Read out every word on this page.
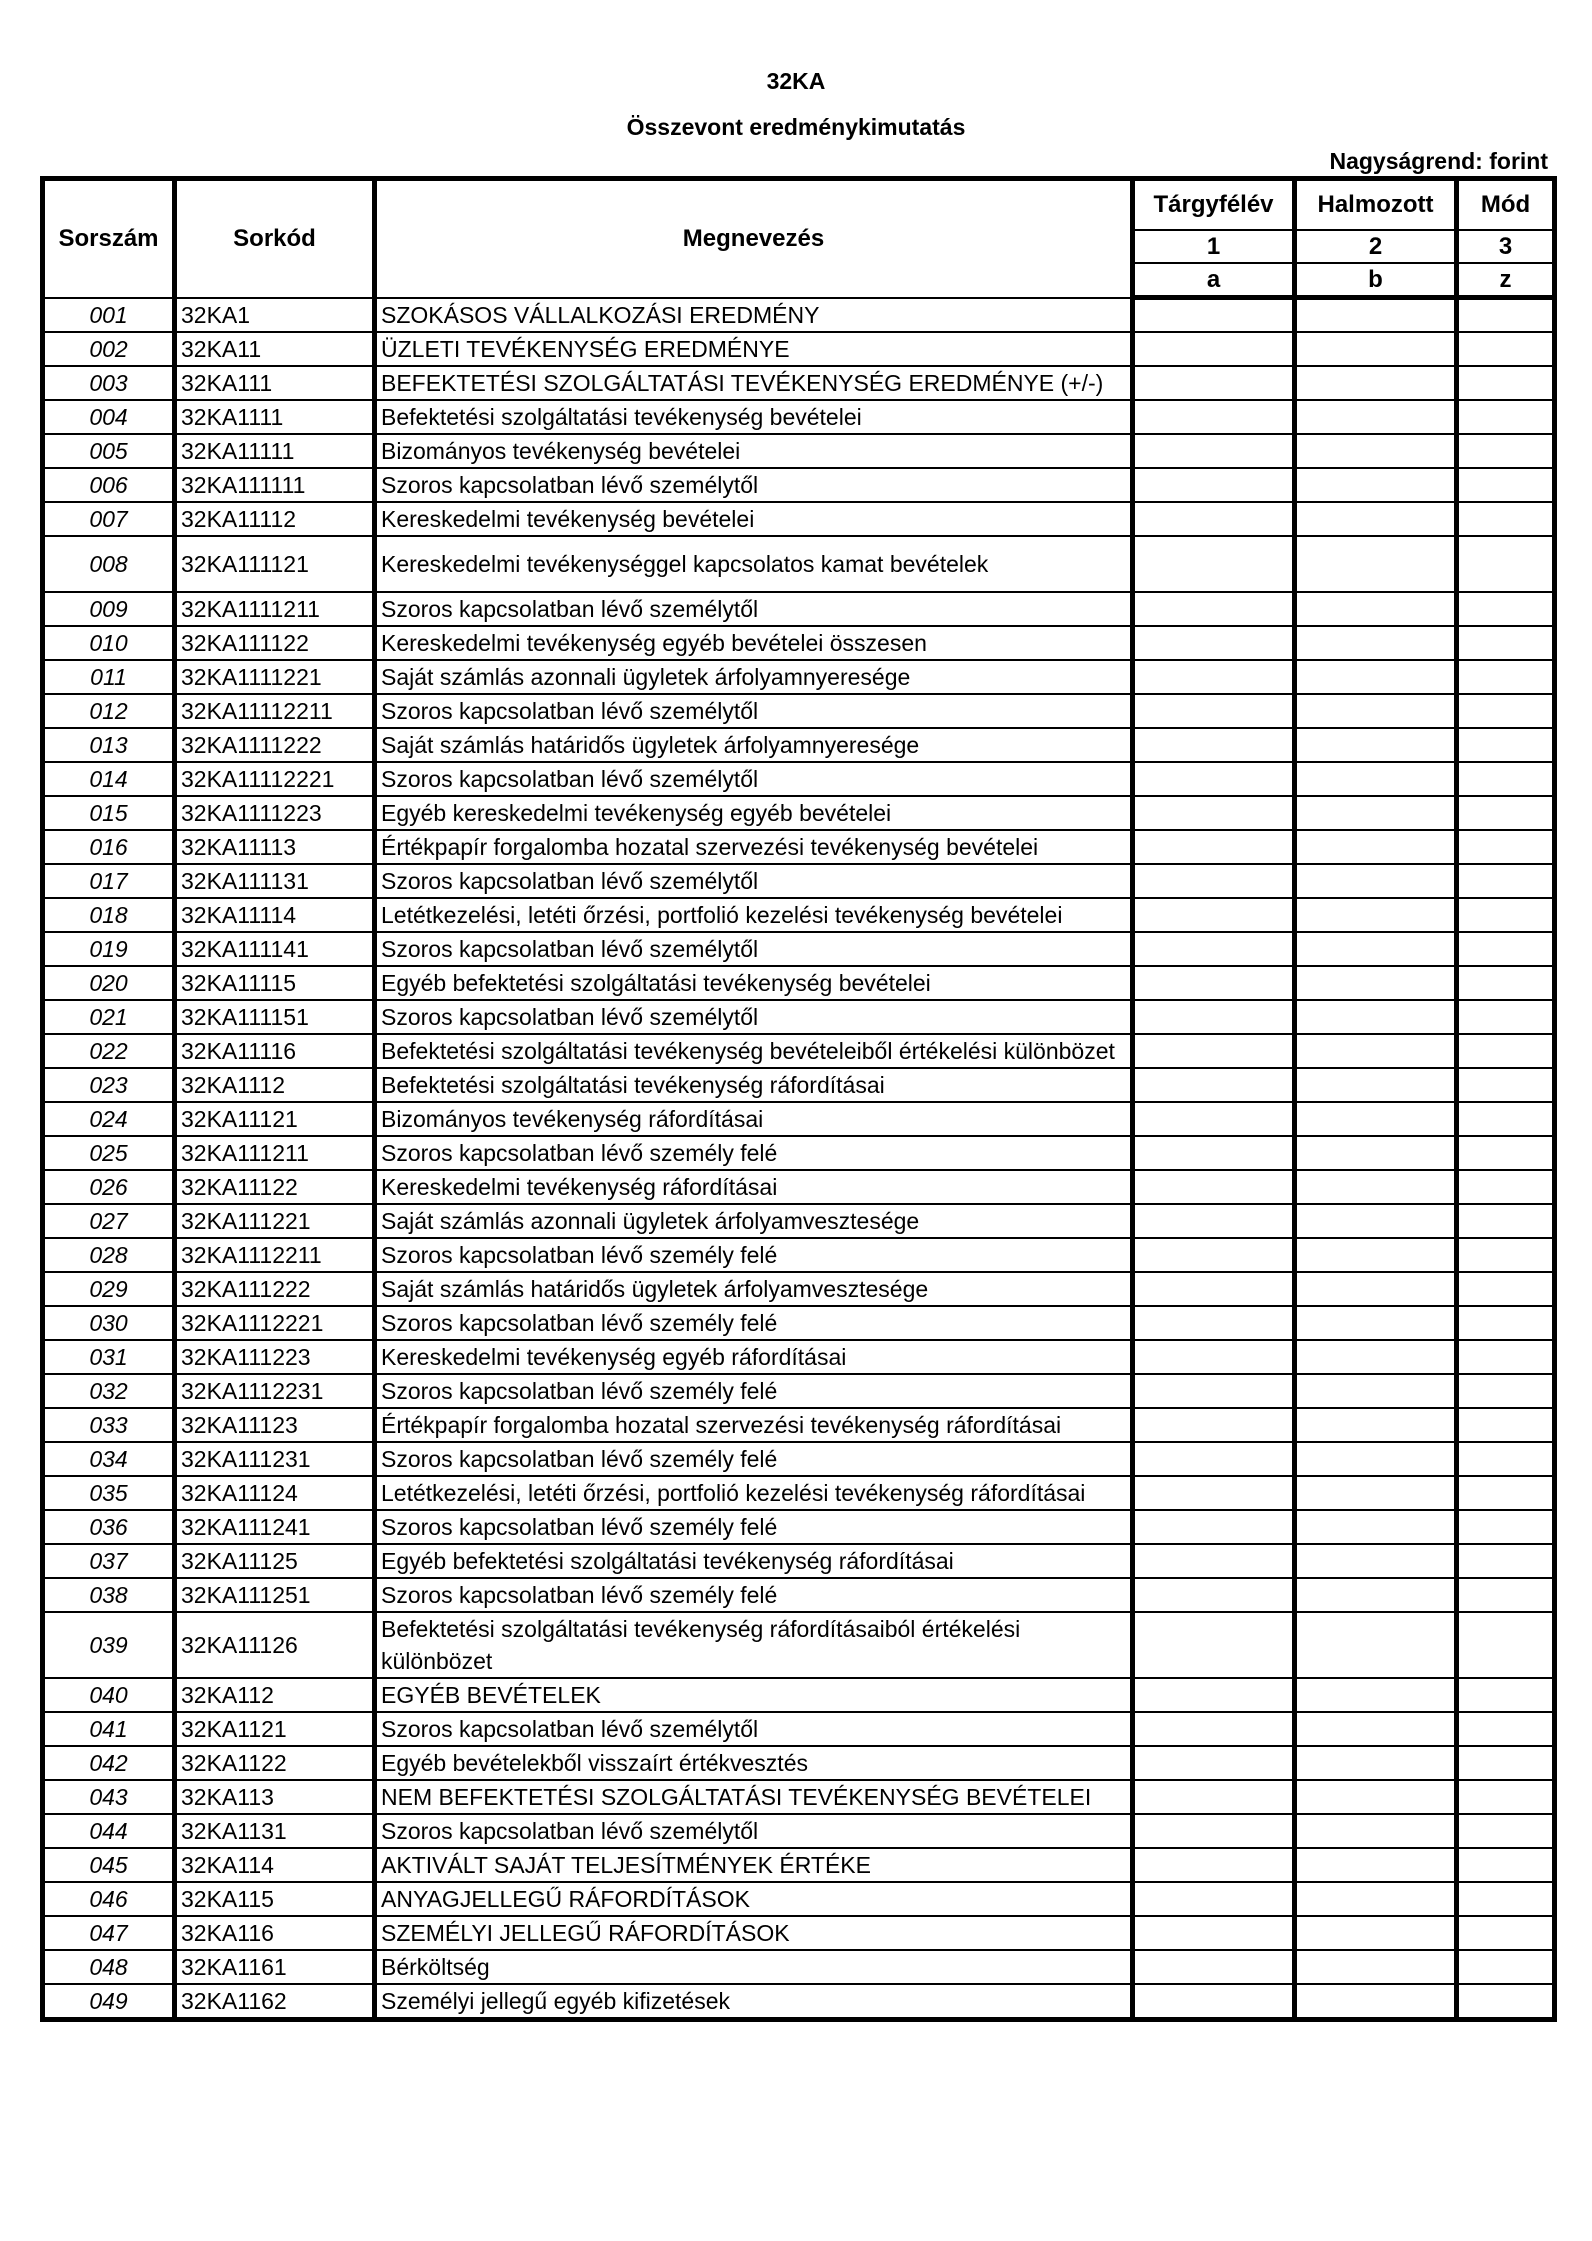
32KA
Összevont eredménykimutatás
Nagyságrend: forint
Sorszám	Sorkód	Megnevezés	Tárgyfélév	Halmozott	Mód
			1	2	3
			a	b	z
001	32KA1	SZOKÁSOS VÁLLALKOZÁSI EREDMÉNY			
002	32KA11	ÜZLETI TEVÉKENYSÉG EREDMÉNYE			
003	32KA111	BEFEKTETÉSI SZOLGÁLTATÁSI TEVÉKENYSÉG EREDMÉNYE (+/-)			
004	32KA1111	Befektetési szolgáltatási tevékenység bevételei			
005	32KA11111	Bizományos tevékenység bevételei			
006	32KA111111	Szoros kapcsolatban lévő személytől			
007	32KA11112	Kereskedelmi tevékenység bevételei			
008	32KA111121	Kereskedelmi tevékenységgel kapcsolatos kamat bevételek			
009	32KA1111211	Szoros kapcsolatban lévő személytől			
010	32KA111122	Kereskedelmi tevékenység egyéb bevételei összesen			
011	32KA1111221	Saját számlás azonnali ügyletek árfolyamnyeresége			
012	32KA11112211	Szoros kapcsolatban lévő személytől			
013	32KA1111222	Saját számlás határidős ügyletek árfolyamnyeresége			
014	32KA11112221	Szoros kapcsolatban lévő személytől			
015	32KA1111223	Egyéb kereskedelmi tevékenység egyéb bevételei			
016	32KA11113	Értékpapír forgalomba hozatal szervezési tevékenység bevételei			
017	32KA111131	Szoros kapcsolatban lévő személytől			
018	32KA11114	Letétkezelési, letéti őrzési, portfolió kezelési tevékenység bevételei			
019	32KA111141	Szoros kapcsolatban lévő személytől			
020	32KA11115	Egyéb befektetési szolgáltatási tevékenység bevételei			
021	32KA111151	Szoros kapcsolatban lévő személytől			
022	32KA11116	Befektetési szolgáltatási tevékenység bevételeiből értékelési különbözet			
023	32KA1112	Befektetési szolgáltatási tevékenység ráfordításai			
024	32KA11121	Bizományos tevékenység ráfordításai			
025	32KA111211	Szoros kapcsolatban lévő személy felé			
026	32KA11122	Kereskedelmi tevékenység ráfordításai			
027	32KA111221	Saját számlás azonnali ügyletek árfolyamvesztesége			
028	32KA1112211	Szoros kapcsolatban lévő személy felé			
029	32KA111222	Saját számlás határidős ügyletek árfolyamvesztesége			
030	32KA1112221	Szoros kapcsolatban lévő személy felé			
031	32KA111223	Kereskedelmi tevékenység egyéb ráfordításai			
032	32KA1112231	Szoros kapcsolatban lévő személy felé			
033	32KA11123	Értékpapír forgalomba hozatal szervezési tevékenység ráfordításai			
034	32KA111231	Szoros kapcsolatban lévő személy felé			
035	32KA11124	Letétkezelési, letéti őrzési, portfolió kezelési tevékenység ráfordításai			
036	32KA111241	Szoros kapcsolatban lévő személy felé			
037	32KA11125	Egyéb befektetési szolgáltatási tevékenység ráfordításai			
038	32KA111251	Szoros kapcsolatban lévő személy felé			
039	32KA11126	Befektetési szolgáltatási tevékenység ráfordításaiból értékelési különbözet			
040	32KA112	EGYÉB BEVÉTELEK			
041	32KA1121	Szoros kapcsolatban lévő személytől			
042	32KA1122	Egyéb bevételekből visszaírt értékvesztés			
043	32KA113	NEM BEFEKTETÉSI SZOLGÁLTATÁSI TEVÉKENYSÉG BEVÉTELEI			
044	32KA1131	Szoros kapcsolatban lévő személytől			
045	32KA114	AKTIVÁLT SAJÁT TELJESÍTMÉNYEK ÉRTÉKE			
046	32KA115	ANYAGJELLEGŰ RÁFORDÍTÁSOK			
047	32KA116	SZEMÉLYI JELLEGŰ RÁFORDÍTÁSOK			
048	32KA1161	Bérköltség			
049	32KA1162	Személyi jellegű egyéb kifizetések			
